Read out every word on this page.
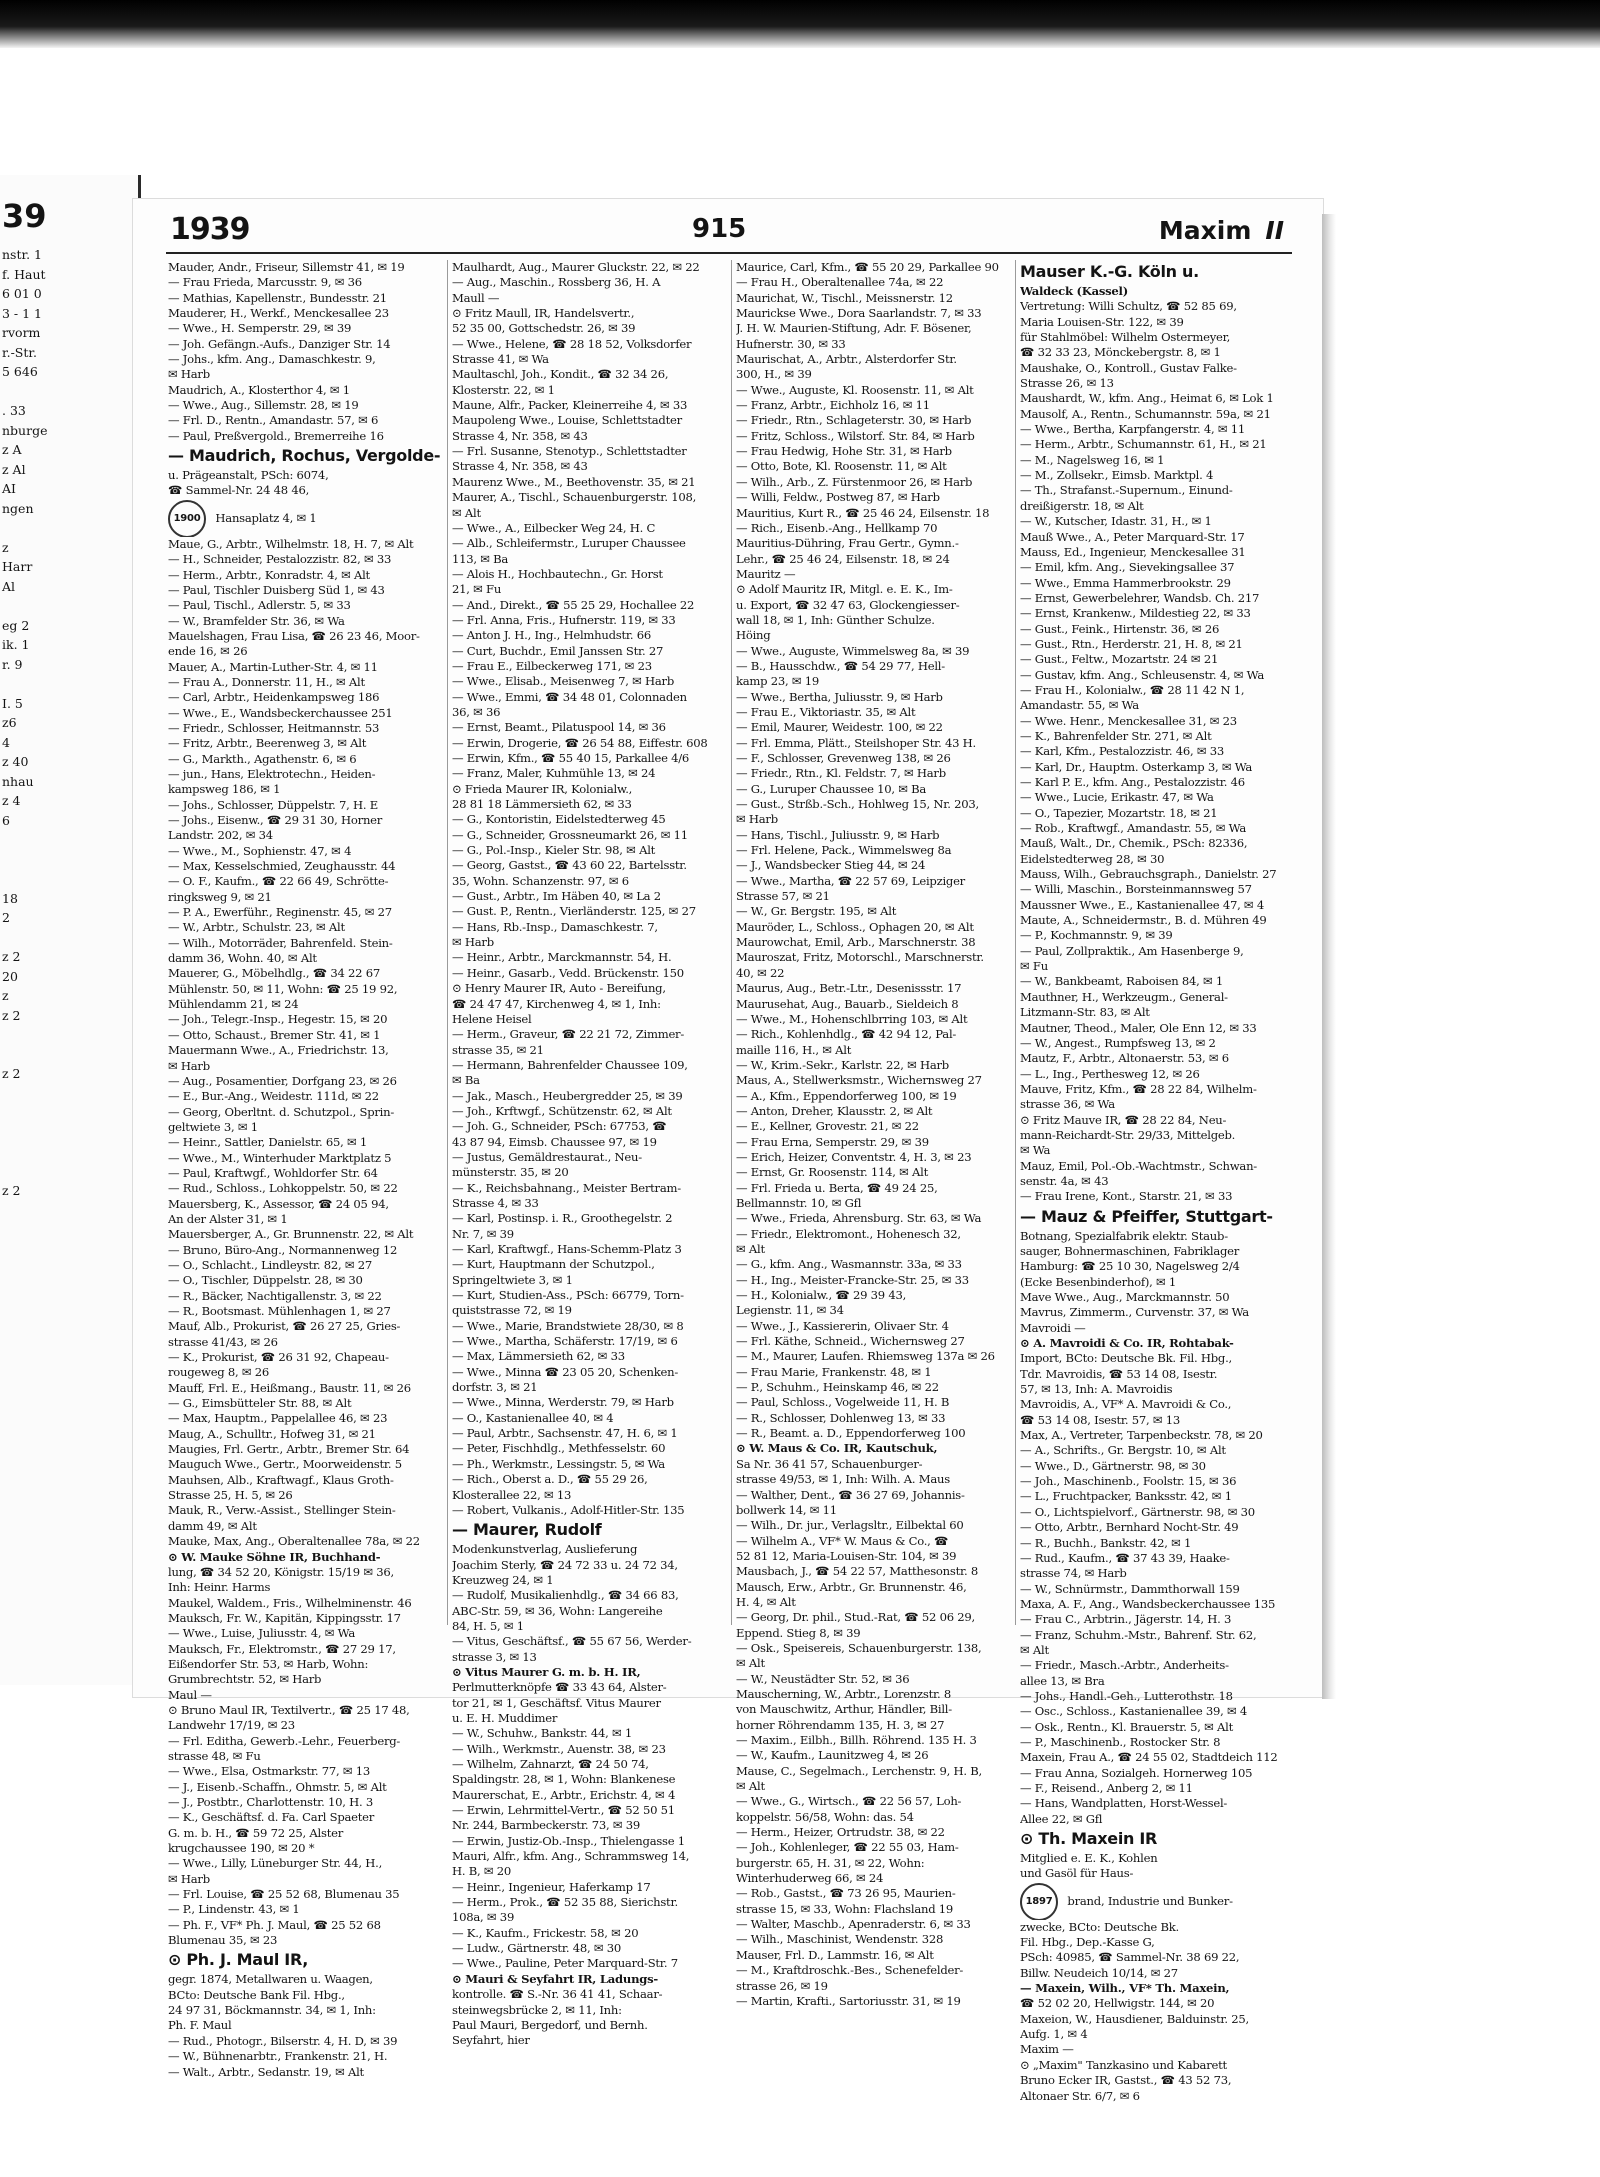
39
nstr. 1
f. Haut
6 01 0
3 - 1 1
rvorm
r.-Str.
5 646

. 33
nburge
z A
z Al
AI
ngen

z
Harr
Al

eg 2
ik. 1
r. 9

I. 5
z6
4
z 40
nhau
z 4
6

18
2

z 2
20
z
z 2

z 2

z 2

1939	915	Maxim II
Mauder, Andr., Friseur, Sillemstr 41, ✉ 19
— Frau Frieda, Marcusstr. 9, ✉ 36
— Mathias, Kapellenstr., Bundesstr. 21
Mauderer, H., Werkf., Menckesallee 23
— Wwe., H. Semperstr. 29, ✉ 39
— Joh. Gefängn.-Aufs., Danziger Str. 14
— Johs., kfm. Ang., Damaschkestr. 9,
✉ Harb
Maudrich, A., Klosterthor 4, ✉ 1
— Wwe., Aug., Sillemstr. 28, ✉ 19
— Frl. D., Rentn., Amandastr. 57, ✉ 6
— Paul, Preßvergold., Bremerreihe 16
— Maudrich, Rochus, Vergolde-
u. Prägeanstalt, PSch: 6074,
☎ Sammel-Nr. 24 48 46,
1900 Hansaplatz 4, ✉ 1
Maue, G., Arbtr., Wilhelmstr. 18, H. 7, ✉ Alt
— H., Schneider, Pestalozzistr. 82, ✉ 33
— Herm., Arbtr., Konradstr. 4, ✉ Alt
— Paul, Tischler Duisberg Süd 1, ✉ 43
— Paul, Tischl., Adlerstr. 5, ✉ 33
— W., Bramfelder Str. 36, ✉ Wa
Mauelshagen, Frau Lisa, ☎ 26 23 46, Moor-
ende 16, ✉ 26
Mauer, A., Martin-Luther-Str. 4, ✉ 11
— Frau A., Donnerstr. 11, H., ✉ Alt
— Carl, Arbtr., Heidenkampsweg 186
— Wwe., E., Wandsbeckerchaussee 251
— Friedr., Schlosser, Heitmannstr. 53
— Fritz, Arbtr., Beerenweg 3, ✉ Alt
— G., Markth., Agathenstr. 6, ✉ 6
— jun., Hans, Elektrotechn., Heiden-
kampsweg 186, ✉ 1
— Johs., Schlosser, Düppelstr. 7, H. E
— Johs., Eisenw., ☎ 29 31 30, Horner
Landstr. 202, ✉ 34
— Wwe., M., Sophienstr. 47, ✉ 4
— Max, Kesselschmied, Zeughausstr. 44
— O. F., Kaufm., ☎ 22 66 49, Schrötte-
ringksweg 9, ✉ 21
— P. A., Ewerführ., Reginenstr. 45, ✉ 27
— W., Arbtr., Schulstr. 23, ✉ Alt
— Wilh., Motorräder, Bahrenfeld. Stein-
damm 36, Wohn. 40, ✉ Alt
Mauerer, G., Möbelhdlg., ☎ 34 22 67
Mühlenstr. 50, ✉ 11, Wohn: ☎ 25 19 92,
Mühlendamm 21, ✉ 24
— Joh., Telegr.-Insp., Hegestr. 15, ✉ 20
— Otto, Schaust., Bremer Str. 41, ✉ 1
Mauermann Wwe., A., Friedrichstr. 13,
✉ Harb
— Aug., Posamentier, Dorfgang 23, ✉ 26
— E., Bur.-Ang., Weidestr. 111d, ✉ 22
— Georg, Oberltnt. d. Schutzpol., Sprin-
geltwiete 3, ✉ 1
— Heinr., Sattler, Danielstr. 65, ✉ 1
— Wwe., M., Winterhuder Marktplatz 5
— Paul, Kraftwgf., Wohldorfer Str. 64
— Rud., Schloss., Lohkoppelstr. 50, ✉ 22
Mauersberg, K., Assessor, ☎ 24 05 94,
An der Alster 31, ✉ 1
Mauersberger, A., Gr. Brunnenstr. 22, ✉ Alt
— Bruno, Büro-Ang., Normannenweg 12
— O., Schlacht., Lindleystr. 82, ✉ 27
— O., Tischler, Düppelstr. 28, ✉ 30
— R., Bäcker, Nachtigallenstr. 3, ✉ 22
— R., Bootsmast. Mühlenhagen 1, ✉ 27
Mauf, Alb., Prokurist, ☎ 26 27 25, Gries-
strasse 41/43, ✉ 26
— K., Prokurist, ☎ 26 31 92, Chapeau-
rougeweg 8, ✉ 26
Mauff, Frl. E., Heißmang., Baustr. 11, ✉ 26
— G., Eimsbütteler Str. 88, ✉ Alt
— Max, Hauptm., Pappelallee 46, ✉ 23
Maug, A., Schulltr., Hofweg 31, ✉ 21
Maugies, Frl. Gertr., Arbtr., Bremer Str. 64
Mauguch Wwe., Gertr., Moorweidenstr. 5
Mauhsen, Alb., Kraftwagf., Klaus Groth-
Strasse 25, H. 5, ✉ 26
Mauk, R., Verw.-Assist., Stellinger Stein-
damm 49, ✉ Alt
Mauke, Max, Ang., Oberaltenallee 78a, ✉ 22
⊙ W. Mauke Söhne IR, Buchhand-
lung, ☎ 34 52 20, Königstr. 15/19 ✉ 36,
Inh: Heinr. Harms
Maukel, Waldem., Fris., Wilhelminenstr. 46
Mauksch, Fr. W., Kapitän, Kippingsstr. 17
— Wwe., Luise, Juliusstr. 4, ✉ Wa
Mauksch, Fr., Elektromstr., ☎ 27 29 17,
Eißendorfer Str. 53, ✉ Harb, Wohn:
Grumbrechtstr. 52, ✉ Harb
Maul —
⊙ Bruno Maul IR, Textilvertr., ☎ 25 17 48,
Landwehr 17/19, ✉ 23
— Frl. Editha, Gewerb.-Lehr., Feuerberg-
strasse 48, ✉ Fu
— Wwe., Elsa, Ostmarkstr. 77, ✉ 13
— J., Eisenb.-Schaffn., Ohmstr. 5, ✉ Alt
— J., Postbtr., Charlottenstr. 10, H. 3
— K., Geschäftsf. d. Fa. Carl Spaeter
G. m. b. H., ☎ 59 72 25, Alster
krugchaussee 190, ✉ 20 *
— Wwe., Lilly, Lüneburger Str. 44, H.,
✉ Harb
— Frl. Louise, ☎ 25 52 68, Blumenau 35
— P., Lindenstr. 43, ✉ 1
— Ph. F., VF* Ph. J. Maul, ☎ 25 52 68
Blumenau 35, ✉ 23
⊙ Ph. J. Maul IR,
gegr. 1874, Metallwaren u. Waagen,
BCto: Deutsche Bank Fil. Hbg.,
24 97 31, Böckmannstr. 34, ✉ 1, Inh:
Ph. F. Maul
— Rud., Photogr., Bilserstr. 4, H. D, ✉ 39
— W., Bühnenarbtr., Frankenstr. 21, H.
— Walt., Arbtr., Sedanstr. 19, ✉ Alt
Maulhardt, Aug., Maurer Gluckstr. 22, ✉ 22
— Aug., Maschin., Rossberg 36, H. A
Maull —
⊙ Fritz Maull, IR, Handelsvertr.,
52 35 00, Gottschedstr. 26, ✉ 39
— Wwe., Helene, ☎ 28 18 52, Volksdorfer
Strasse 41, ✉ Wa
Maultaschl, Joh., Kondit., ☎ 32 34 26,
Klosterstr. 22, ✉ 1
Maune, Alfr., Packer, Kleinerreihe 4, ✉ 33
Maupoleng Wwe., Louise, Schlettstadter
Strasse 4, Nr. 358, ✉ 43
— Frl. Susanne, Stenotyp., Schlettstadter
Strasse 4, Nr. 358, ✉ 43
Maurenz Wwe., M., Beethovenstr. 35, ✉ 21
Maurer, A., Tischl., Schauenburgerstr. 108,
✉ Alt
— Wwe., A., Eilbecker Weg 24, H. C
— Alb., Schleifermstr., Luruper Chaussee
113, ✉ Ba
— Alois H., Hochbautechn., Gr. Horst
21, ✉ Fu
— And., Direkt., ☎ 55 25 29, Hochallee 22
— Frl. Anna, Fris., Hufnerstr. 119, ✉ 33
— Anton J. H., Ing., Helmhudstr. 66
— Curt, Buchdr., Emil Janssen Str. 27
— Frau E., Eilbeckerweg 171, ✉ 23
— Wwe., Elisab., Meisenweg 7, ✉ Harb
— Wwe., Emmi, ☎ 34 48 01, Colonnaden
36, ✉ 36
— Ernst, Beamt., Pilatuspool 14, ✉ 36
— Erwin, Drogerie, ☎ 26 54 88, Eiffestr. 608
— Erwin, Kfm., ☎ 55 40 15, Parkallee 4/6
— Franz, Maler, Kuhmühle 13, ✉ 24
⊙ Frieda Maurer IR, Kolonialw.,
28 81 18 Lämmersieth 62, ✉ 33
— G., Kontoristin, Eidelstedterweg 45
— G., Schneider, Grossneumarkt 26, ✉ 11
— G., Pol.-Insp., Kieler Str. 98, ✉ Alt
— Georg, Gastst., ☎ 43 60 22, Bartelsstr.
35, Wohn. Schanzenstr. 97, ✉ 6
— Gust., Arbtr., Im Häben 40, ✉ La 2
— Gust. P., Rentn., Vierländerstr. 125, ✉ 27
— Hans, Rb.-Insp., Damaschkestr. 7,
✉ Harb
— Heinr., Arbtr., Marckmannstr. 54, H.
— Heinr., Gasarb., Vedd. Brückenstr. 150
⊙ Henry Maurer IR, Auto - Bereifung,
☎ 24 47 47, Kirchenweg 4, ✉ 1, Inh:
Helene Heisel
— Herm., Graveur, ☎ 22 21 72, Zimmer-
strasse 35, ✉ 21
— Hermann, Bahrenfelder Chaussee 109,
✉ Ba
— Jak., Masch., Heubergredder 25, ✉ 39
— Joh., Krftwgf., Schützenstr. 62, ✉ Alt
— Joh. G., Schneider, PSch: 67753, ☎
43 87 94, Eimsb. Chaussee 97, ✉ 19
— Justus, Gemäldrestaurat., Neu-
münsterstr. 35, ✉ 20
— K., Reichsbahnang., Meister Bertram-
Strasse 4, ✉ 33
— Karl, Postinsp. i. R., Groothegelstr. 2
Nr. 7, ✉ 39
— Karl, Kraftwgf., Hans-Schemm-Platz 3
— Kurt, Hauptmann der Schutzpol.,
Springeltwiete 3, ✉ 1
— Kurt, Studien-Ass., PSch: 66779, Torn-
quiststrasse 72, ✉ 19
— Wwe., Marie, Brandstwiete 28/30, ✉ 8
— Wwe., Martha, Schäferstr. 17/19, ✉ 6
— Max, Lämmersieth 62, ✉ 33
— Wwe., Minna ☎ 23 05 20, Schenken-
dorfstr. 3, ✉ 21
— Wwe., Minna, Werderstr. 79, ✉ Harb
— O., Kastanienallee 40, ✉ 4
— Paul, Arbtr., Sachsenstr. 47, H. 6, ✉ 1
— Peter, Fischhdlg., Methfesselstr. 60
— Ph., Werkmstr., Lessingstr. 5, ✉ Wa
— Rich., Oberst a. D., ☎ 55 29 26,
Klosterallee 22, ✉ 13
— Robert, Vulkanis., Adolf-Hitler-Str. 135
— Maurer, Rudolf
Modenkunstverlag, Auslieferung
Joachim Sterly, ☎ 24 72 33 u. 24 72 34,
Kreuzweg 24, ✉ 1
— Rudolf, Musikalienhdlg., ☎ 34 66 83,
ABC-Str. 59, ✉ 36, Wohn: Langereihe
84, H. 5, ✉ 1
— Vitus, Geschäftsf., ☎ 55 67 56, Werder-
strasse 3, ✉ 13
⊙ Vitus Maurer G. m. b. H. IR,
Perlmutterknöpfe ☎ 33 43 64, Alster-
tor 21, ✉ 1, Geschäftsf. Vitus Maurer
u. E. H. Muddimer
— W., Schuhw., Bankstr. 44, ✉ 1
— Wilh., Werkmstr., Auenstr. 38, ✉ 23
— Wilhelm, Zahnarzt, ☎ 24 50 74,
Spaldingstr. 28, ✉ 1, Wohn: Blankenese
Maurerschat, E., Arbtr., Erichstr. 4, ✉ 4
— Erwin, Lehrmittel-Vertr., ☎ 52 50 51
Nr. 244, Barmbeckerstr. 73, ✉ 39
— Erwin, Justiz-Ob.-Insp., Thielengasse 1
Mauri, Alfr., kfm. Ang., Schrammsweg 14,
H. B, ✉ 20
— Heinr., Ingenieur, Haferkamp 17
— Herm., Prok., ☎ 52 35 88, Sierichstr.
108a, ✉ 39
— K., Kaufm., Frickestr. 58, ✉ 20
— Ludw., Gärtnerstr. 48, ✉ 30
— Wwe., Pauline, Peter Marquard-Str. 7
⊙ Mauri & Seyfahrt IR, Ladungs-
kontrolle. ☎ S.-Nr. 36 41 41, Schaar-
steinwegsbrücke 2, ✉ 11, Inh:
Paul Mauri, Bergedorf, und Bernh.
Seyfahrt, hier
Maurice, Carl, Kfm., ☎ 55 20 29, Parkallee 90
— Frau H., Oberaltenallee 74a, ✉ 22
Maurichat, W., Tischl., Meissnerstr. 12
Maurickse Wwe., Dora Saarlandstr. 7, ✉ 33
J. H. W. Maurien-Stiftung, Adr. F. Bösener,
Hufnerstr. 30, ✉ 33
Maurischat, A., Arbtr., Alsterdorfer Str.
300, H., ✉ 39
— Wwe., Auguste, Kl. Roosenstr. 11, ✉ Alt
— Franz, Arbtr., Eichholz 16, ✉ 11
— Friedr., Rtn., Schlageterstr. 30, ✉ Harb
— Fritz, Schloss., Wilstorf. Str. 84, ✉ Harb
— Frau Hedwig, Hohe Str. 31, ✉ Harb
— Otto, Bote, Kl. Roosenstr. 11, ✉ Alt
— Wilh., Arb., Z. Fürstenmoor 26, ✉ Harb
— Willi, Feldw., Postweg 87, ✉ Harb
Mauritius, Kurt R., ☎ 25 46 24, Eilsenstr. 18
— Rich., Eisenb.-Ang., Hellkamp 70
Mauritius-Dühring, Frau Gertr., Gymn.-
Lehr., ☎ 25 46 24, Eilsenstr. 18, ✉ 24
Mauritz —
⊙ Adolf Mauritz IR, Mitgl. e. E. K., Im-
u. Export, ☎ 32 47 63, Glockengiesser-
wall 18, ✉ 1, Inh: Günther Schulze.
Höing
— Wwe., Auguste, Wimmelsweg 8a, ✉ 39
— B., Hausschdw., ☎ 54 29 77, Hell-
kamp 23, ✉ 19
— Wwe., Bertha, Juliusstr. 9, ✉ Harb
— Frau E., Viktoriastr. 35, ✉ Alt
— Emil, Maurer, Weidestr. 100, ✉ 22
— Frl. Emma, Plätt., Steilshoper Str. 43 H.
— F., Schlosser, Grevenweg 138, ✉ 26
— Friedr., Rtn., Kl. Feldstr. 7, ✉ Harb
— G., Luruper Chaussee 10, ✉ Ba
— Gust., Strßb.-Sch., Hohlweg 15, Nr. 203,
✉ Harb
— Hans, Tischl., Juliusstr. 9, ✉ Harb
— Frl. Helene, Pack., Wimmelsweg 8a
— J., Wandsbecker Stieg 44, ✉ 24
— Wwe., Martha, ☎ 22 57 69, Leipziger
Strasse 57, ✉ 21
— W., Gr. Bergstr. 195, ✉ Alt
Mauröder, L., Schloss., Ophagen 20, ✉ Alt
Maurowchat, Emil, Arb., Marschnerstr. 38
Mauroszat, Fritz, Motorschl., Marschnerstr.
40, ✉ 22
Maurus, Aug., Betr.-Ltr., Desenissstr. 17
Maurusehat, Aug., Bauarb., Sieldeich 8
— Wwe., M., Hohenschlbrring 103, ✉ Alt
— Rich., Kohlenhdlg., ☎ 42 94 12, Pal-
maille 116, H., ✉ Alt
— W., Krim.-Sekr., Karlstr. 22, ✉ Harb
Maus, A., Stellwerksmstr., Wichernsweg 27
— A., Kfm., Eppendorferweg 100, ✉ 19
— Anton, Dreher, Klausstr. 2, ✉ Alt
— E., Kellner, Grovestr. 21, ✉ 22
— Frau Erna, Semperstr. 29, ✉ 39
— Erich, Heizer, Conventstr. 4, H. 3, ✉ 23
— Ernst, Gr. Roosenstr. 114, ✉ Alt
— Frl. Frieda u. Berta, ☎ 49 24 25,
Bellmannstr. 10, ✉ Gfl
— Wwe., Frieda, Ahrensburg. Str. 63, ✉ Wa
— Friedr., Elektromont., Hohenesch 32,
✉ Alt
— G., kfm. Ang., Wasmannstr. 33a, ✉ 33
— H., Ing., Meister-Francke-Str. 25, ✉ 33
— H., Kolonialw., ☎ 29 39 43,
Legienstr. 11, ✉ 34
— Wwe., J., Kassiererin, Olivaer Str. 4
— Frl. Käthe, Schneid., Wichernsweg 27
— M., Maurer, Laufen. Rhiemsweg 137a ✉ 26
— Frau Marie, Frankenstr. 48, ✉ 1
— P., Schuhm., Heinskamp 46, ✉ 22
— Paul, Schloss., Vogelweide 11, H. B
— R., Schlosser, Dohlenweg 13, ✉ 33
— R., Beamt. a. D., Eppendorferweg 100
⊙ W. Maus & Co. IR, Kautschuk,
Sa Nr. 36 41 57, Schauenburger-
strasse 49/53, ✉ 1, Inh: Wilh. A. Maus
— Walther, Dent., ☎ 36 27 69, Johannis-
bollwerk 14, ✉ 11
— Wilh., Dr. jur., Verlagsltr., Eilbektal 60
— Wilhelm A., VF* W. Maus & Co., ☎
52 81 12, Maria-Louisen-Str. 104, ✉ 39
Mausbach, J., ☎ 54 22 57, Matthesonstr. 8
Mausch, Erw., Arbtr., Gr. Brunnenstr. 46,
H. 4, ✉ Alt
— Georg, Dr. phil., Stud.-Rat, ☎ 52 06 29,
Eppend. Stieg 8, ✉ 39
— Osk., Speisereis, Schauenburgerstr. 138,
✉ Alt
— W., Neustädter Str. 52, ✉ 36
Mauscherning, W., Arbtr., Lorenzstr. 8
von Mauschwitz, Arthur, Händler, Bill-
horner Röhrendamm 135, H. 3, ✉ 27
— Maxim., Eilbh., Billh. Röhrend. 135 H. 3
— W., Kaufm., Launitzweg 4, ✉ 26
Mause, C., Segelmach., Lerchenstr. 9, H. B,
✉ Alt
— Wwe., G., Wirtsch., ☎ 22 56 57, Loh-
koppelstr. 56/58, Wohn: das. 54
— Herm., Heizer, Ortrudstr. 38, ✉ 22
— Joh., Kohlenleger, ☎ 22 55 03, Ham-
burgerstr. 65, H. 31, ✉ 22, Wohn:
Winterhuderweg 66, ✉ 24
— Rob., Gastst., ☎ 73 26 95, Maurien-
strasse 15, ✉ 33, Wohn: Flachsland 19
— Walter, Maschb., Apenraderstr. 6, ✉ 33
— Wilh., Maschinist, Wendenstr. 328
Mauser, Frl. D., Lammstr. 16, ✉ Alt
— M., Kraftdroschk.-Bes., Schenefelder-
strasse 26, ✉ 19
— Martin, Krafti., Sartoriusstr. 31, ✉ 19
Mauser K.-G. Köln u.
Waldeck (Kassel)
Vertretung: Willi Schultz, ☎ 52 85 69,
Maria Louisen-Str. 122, ✉ 39
für Stahlmöbel: Wilhelm Ostermeyer,
☎ 32 33 23, Mönckebergstr. 8, ✉ 1
Maushake, O., Kontroll., Gustav Falke-
Strasse 26, ✉ 13
Maushardt, W., kfm. Ang., Heimat 6, ✉ Lok 1
Mausolf, A., Rentn., Schumannstr. 59a, ✉ 21
— Wwe., Bertha, Karpfangerstr. 4, ✉ 11
— Herm., Arbtr., Schumannstr. 61, H., ✉ 21
— M., Nagelsweg 16, ✉ 1
— M., Zollsekr., Eimsb. Marktpl. 4
— Th., Strafanst.-Supernum., Einund-
dreißigerstr. 18, ✉ Alt
— W., Kutscher, Idastr. 31, H., ✉ 1
Mauß Wwe., A., Peter Marquard-Str. 17
Mauss, Ed., Ingenieur, Menckesallee 31
— Emil, kfm. Ang., Sievekingsallee 37
— Wwe., Emma Hammerbrookstr. 29
— Ernst, Gewerbelehrer, Wandsb. Ch. 217
— Ernst, Krankenw., Mildestieg 22, ✉ 33
— Gust., Feink., Hirtenstr. 36, ✉ 26
— Gust., Rtn., Herderstr. 21, H. 8, ✉ 21
— Gust., Feltw., Mozartstr. 24 ✉ 21
— Gustav, kfm. Ang., Schleusenstr. 4, ✉ Wa
— Frau H., Kolonialw., ☎ 28 11 42 N 1,
Amandastr. 55, ✉ Wa
— Wwe. Henr., Menckesallee 31, ✉ 23
— K., Bahrenfelder Str. 271, ✉ Alt
— Karl, Kfm., Pestalozzistr. 46, ✉ 33
— Karl, Dr., Hauptm. Osterkamp 3, ✉ Wa
— Karl P. E., kfm. Ang., Pestalozzistr. 46
— Wwe., Lucie, Erikastr. 47, ✉ Wa
— O., Tapezier, Mozartstr. 18, ✉ 21
— Rob., Kraftwgf., Amandastr. 55, ✉ Wa
Mauß, Walt., Dr., Chemik., PSch: 82336,
Eidelstedterweg 28, ✉ 30
Mauss, Wilh., Gebrauchsgraph., Danielstr. 27
— Willi, Maschin., Borsteinmannsweg 57
Maussner Wwe., E., Kastanienallee 47, ✉ 4
Maute, A., Schneidermstr., B. d. Mühren 49
— P., Kochmannstr. 9, ✉ 39
— Paul, Zollpraktik., Am Hasenberge 9,
✉ Fu
— W., Bankbeamt, Raboisen 84, ✉ 1
Mauthner, H., Werkzeugm., General-
Litzmann-Str. 83, ✉ Alt
Mautner, Theod., Maler, Ole Enn 12, ✉ 33
— W., Angest., Rumpfsweg 13, ✉ 2
Mautz, F., Arbtr., Altonaerstr. 53, ✉ 6
— L., Ing., Perthesweg 12, ✉ 26
Mauve, Fritz, Kfm., ☎ 28 22 84, Wilhelm-
strasse 36, ✉ Wa
⊙ Fritz Mauve IR, ☎ 28 22 84, Neu-
mann-Reichardt-Str. 29/33, Mittelgeb.
✉ Wa
Mauz, Emil, Pol.-Ob.-Wachtmstr., Schwan-
senstr. 4a, ✉ 43
— Frau Irene, Kont., Starstr. 21, ✉ 33
— Mauz & Pfeiffer, Stuttgart-
Botnang, Spezialfabrik elektr. Staub-
sauger, Bohnermaschinen, Fabriklager
Hamburg: ☎ 25 10 30, Nagelsweg 2/4
(Ecke Besenbinderhof), ✉ 1
Mave Wwe., Aug., Marckmannstr. 50
Mavrus, Zimmerm., Curvenstr. 37, ✉ Wa
Mavroidi —
⊙ A. Mavroidi & Co. IR, Rohtabak-
Import, BCto: Deutsche Bk. Fil. Hbg.,
Tdr. Mavroidis, ☎ 53 14 08, Isestr.
57, ✉ 13, Inh: A. Mavroidis
Mavroidis, A., VF* A. Mavroidi & Co.,
☎ 53 14 08, Isestr. 57, ✉ 13
Max, A., Vertreter, Tarpenbeckstr. 78, ✉ 20
— A., Schrifts., Gr. Bergstr. 10, ✉ Alt
— Wwe., D., Gärtnerstr. 98, ✉ 30
— Joh., Maschinenb., Foolstr. 15, ✉ 36
— L., Fruchtpacker, Banksstr. 42, ✉ 1
— O., Lichtspielvorf., Gärtnerstr. 98, ✉ 30
— Otto, Arbtr., Bernhard Nocht-Str. 49
— R., Buchh., Bankstr. 42, ✉ 1
— Rud., Kaufm., ☎ 37 43 39, Haake-
strasse 74, ✉ Harb
— W., Schnürmstr., Dammthorwall 159
Maxa, A. F., Ang., Wandsbeckerchaussee 135
— Frau C., Arbtrin., Jägerstr. 14, H. 3
— Franz, Schuhm.-Mstr., Bahrenf. Str. 62,
✉ Alt
— Friedr., Masch.-Arbtr., Anderheits-
allee 13, ✉ Bra
— Johs., Handl.-Geh., Lutterothstr. 18
— Osc., Schloss., Kastanienallee 39, ✉ 4
— Osk., Rentn., Kl. Brauerstr. 5, ✉ Alt
— P., Maschinenb., Rostocker Str. 8
Maxein, Frau A., ☎ 24 55 02, Stadtdeich 112
— Frau Anna, Sozialgeh. Hornerweg 105
— F., Reisend., Anberg 2, ✉ 11
— Hans, Wandplatten, Horst-Wessel-
Allee 22, ✉ Gfl
⊙ Th. Maxein IR
Mitglied e. E. K., Kohlen
und Gasöl für Haus-
1897 brand, Industrie und Bunker-
zwecke, BCto: Deutsche Bk.
Fil. Hbg., Dep.-Kasse G,
PSch: 40985, ☎ Sammel-Nr. 38 69 22,
Billw. Neudeich 10/14, ✉ 27
— Maxein, Wilh., VF* Th. Maxein,
☎ 52 02 20, Hellwigstr. 144, ✉ 20
Maxeion, W., Hausdiener, Balduinstr. 25,
Aufg. 1, ✉ 4
Maxim —
⊙ „Maxim" Tanzkasino und Kabarett
Bruno Ecker IR, Gastst., ☎ 43 52 73,
Altonaer Str. 6/7, ✉ 6
